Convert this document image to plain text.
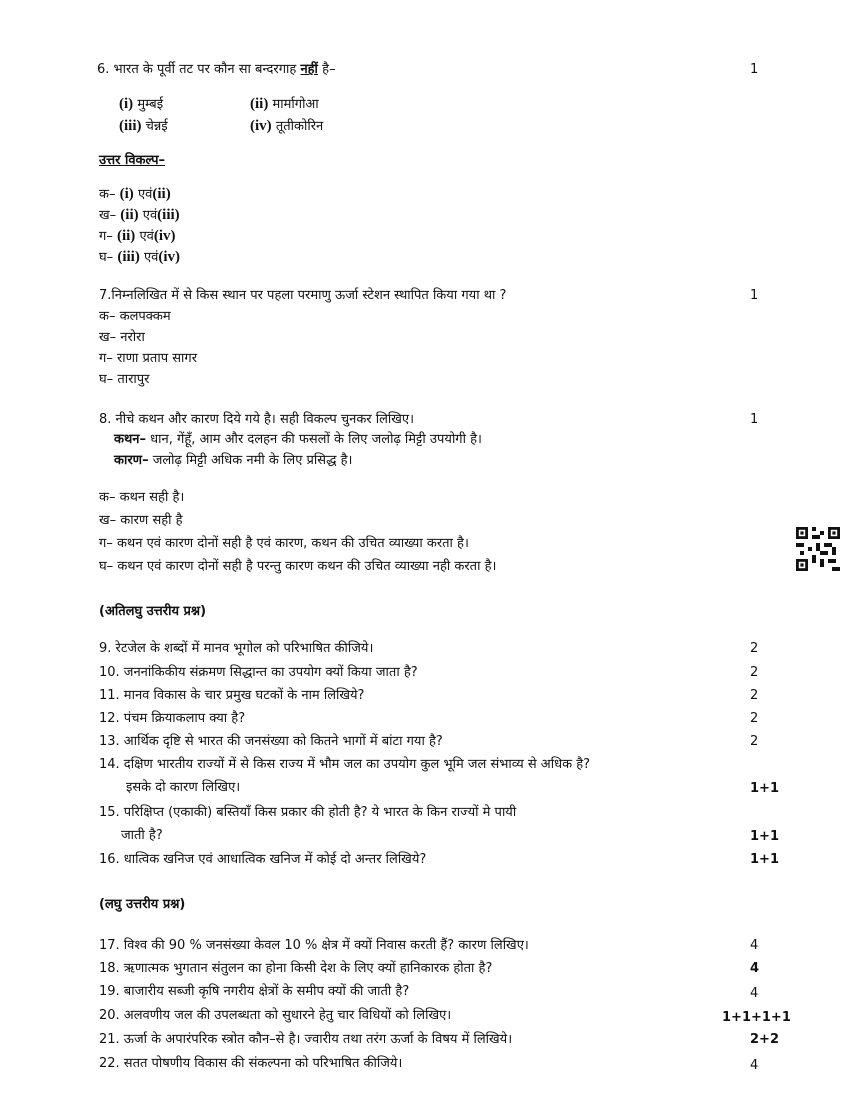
6. भारत के पूर्वी तट पर कौन सा बन्दरगाह नहीं है–	1
(i) मुम्बई	(ii) मार्मागोआ
(iii) चेन्नई	(iv) तूतीकोरिन
उत्तर विकल्प–
क– (i) एवं(ii)
ख– (ii) एवं(iii)
ग– (ii) एवं(iv)
घ– (iii) एवं(iv)
7.निम्नलिखित में से किस स्थान पर पहला परमाणु ऊर्जा स्टेशन स्थापित किया गया था ?	1
क– कलपक्कम
ख– नरोरा
ग– राणा प्रताप सागर
घ– तारापुर
8. नीचे कथन और कारण दिये गये है। सही विकल्प चुनकर लिखिए।	1
कथन– धान, गेंहूँ, आम और दलहन की फसलों के लिए जलोढ़ मिट्टी उपयोगी है।
कारण– जलोढ़ मिट्टी अधिक नमी के लिए प्रसिद्ध है।
क– कथन सही है।
ख– कारण सही है
ग– कथन एवं कारण दोनों सही है एवं कारण, कथन की उचित व्याख्या करता है।
घ– कथन एवं कारण दोनों सही है परन्तु कारण कथन की उचित व्याख्या नही करता है।
(अतिलघु उत्तरीय प्रश्न)
9. रेटजेल के शब्दों में मानव भूगोल को परिभाषित कीजिये।	2
10. जननांकिकीय संक्रमण सिद्धान्त का उपयोग क्यों किया जाता है?	2
11. मानव विकास के चार प्रमुख घटकों के नाम लिखिये?	2
12. पंचम क्रियाकलाप क्या है?	2
13. आर्थिक दृष्टि से भारत की जनसंख्या को कितने भागों में बांटा गया है?	2
14. दक्षिण भारतीय राज्यों में से किस राज्य में भौम जल का उपयोग कुल भूमि जल संभाव्य से अधिक है?
इसके दो कारण लिखिए।	1+1
15. परिक्षिप्त (एकाकी) बस्तियाँ किस प्रकार की होती है? ये भारत के किन राज्यों मे पायी
जाती है?	1+1
16. धात्विक खनिज एवं आधात्विक खनिज में कोई दो अन्तर लिखिये?	1+1
(लघु उत्तरीय प्रश्न)
17. विश्व की 90 % जनसंख्या केवल 10 % क्षेत्र में क्यों निवास करती हैं? कारण लिखिए।	4
18. ऋणात्मक भुगतान संतुलन का होना किसी देश के लिए क्यों हानिकारक होता है?	4
19. बाजारीय सब्जी कृषि नगरीय क्षेत्रों के समीप क्यों की जाती है?	4
20. अलवणीय जल की उपलब्धता को सुधारने हेतु चार विधियों को लिखिए।	1+1+1+1
21. ऊर्जा के अपारंपरिक स्त्रोत कौन–से है। ज्वारीय तथा तरंग ऊर्जा के विषय में लिखिये।	2+2
22. सतत पोषणीय विकास की संकल्पना को परिभाषित कीजिये।	4
